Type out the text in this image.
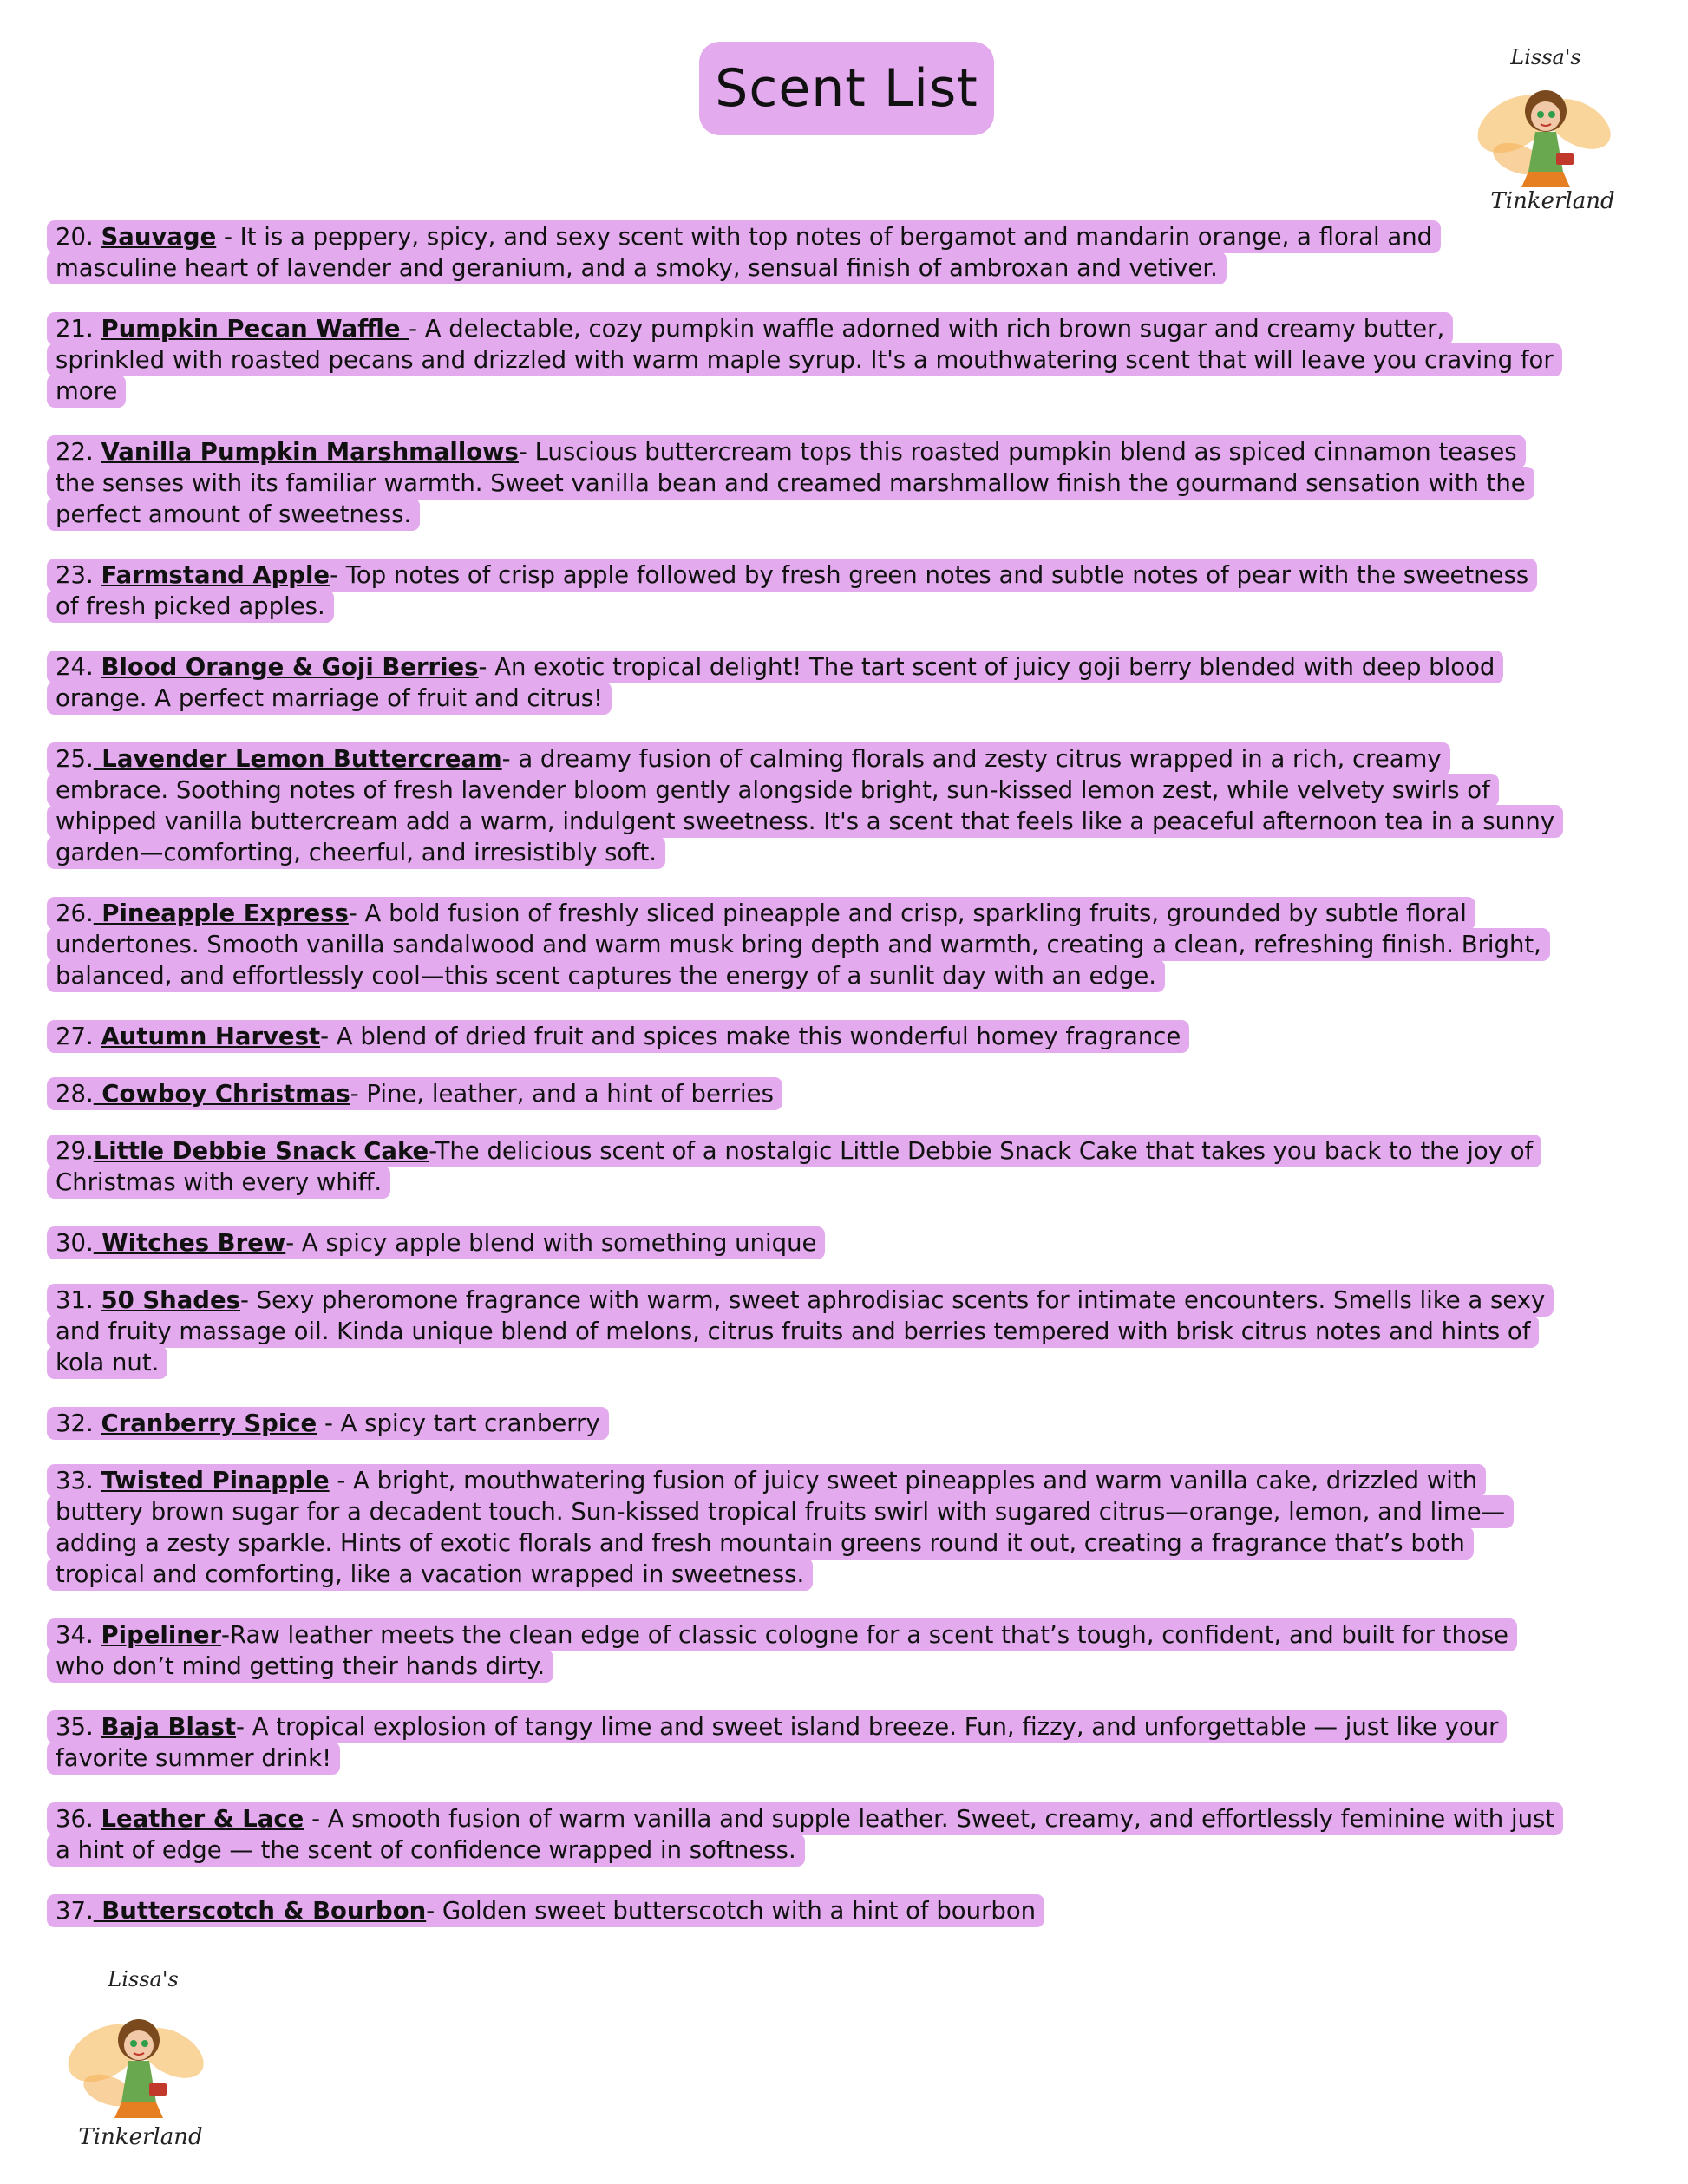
Scent List
Lissa's
Tinkerland
20. Sauvage - It is a peppery, spicy, and sexy scent with top notes of bergamot and mandarin orange, a floral and masculine heart of lavender and geranium, and a smoky, sensual finish of ambroxan and vetiver.
21. Pumpkin Pecan Waffle - A delectable, cozy pumpkin waffle adorned with rich brown sugar and creamy butter, sprinkled with roasted pecans and drizzled with warm maple syrup. It's a mouthwatering scent that will leave you craving for more
22. Vanilla Pumpkin Marshmallows- Luscious buttercream tops this roasted pumpkin blend as spiced cinnamon teases the senses with its familiar warmth. Sweet vanilla bean and creamed marshmallow finish the gourmand sensation with the perfect amount of sweetness.
23. Farmstand Apple- Top notes of crisp apple followed by fresh green notes and subtle notes of pear with the sweetness of fresh picked apples.
24. Blood Orange & Goji Berries- An exotic tropical delight! The tart scent of juicy goji berry blended with deep blood orange. A perfect marriage of fruit and citrus!
25. Lavender Lemon Buttercream- a dreamy fusion of calming florals and zesty citrus wrapped in a rich, creamy embrace. Soothing notes of fresh lavender bloom gently alongside bright, sun-kissed lemon zest, while velvety swirls of whipped vanilla buttercream add a warm, indulgent sweetness. It's a scent that feels like a peaceful afternoon tea in a sunny garden—comforting, cheerful, and irresistibly soft.
26. Pineapple Express- A bold fusion of freshly sliced pineapple and crisp, sparkling fruits, grounded by subtle floral undertones. Smooth vanilla sandalwood and warm musk bring depth and warmth, creating a clean, refreshing finish. Bright, balanced, and effortlessly cool—this scent captures the energy of a sunlit day with an edge.
27. Autumn Harvest- A blend of dried fruit and spices make this wonderful homey fragrance
28. Cowboy Christmas- Pine, leather, and a hint of berries
29.Little Debbie Snack Cake-The delicious scent of a nostalgic Little Debbie Snack Cake that takes you back to the joy of Christmas with every whiff.
30. Witches Brew- A spicy apple blend with something unique
31. 50 Shades- Sexy pheromone fragrance with warm, sweet aphrodisiac scents for intimate encounters. Smells like a sexy and fruity massage oil. Kinda unique blend of melons, citrus fruits and berries tempered with brisk citrus notes and hints of kola nut.
32. Cranberry Spice - A spicy tart cranberry
33. Twisted Pinapple - A bright, mouthwatering fusion of juicy sweet pineapples and warm vanilla cake, drizzled with buttery brown sugar for a decadent touch. Sun-kissed tropical fruits swirl with sugared citrus—orange, lemon, and lime—adding a zesty sparkle. Hints of exotic florals and fresh mountain greens round it out, creating a fragrance that’s both tropical and comforting, like a vacation wrapped in sweetness.
34. Pipeliner-Raw leather meets the clean edge of classic cologne for a scent that’s tough, confident, and built for those who don’t mind getting their hands dirty.
35. Baja Blast- A tropical explosion of tangy lime and sweet island breeze. Fun, fizzy, and unforgettable — just like your favorite summer drink!
36. Leather & Lace - A smooth fusion of warm vanilla and supple leather. Sweet, creamy, and effortlessly feminine with just a hint of edge — the scent of confidence wrapped in softness.
37. Butterscotch & Bourbon- Golden sweet butterscotch with a hint of bourbon
Lissa's
Tinkerland
